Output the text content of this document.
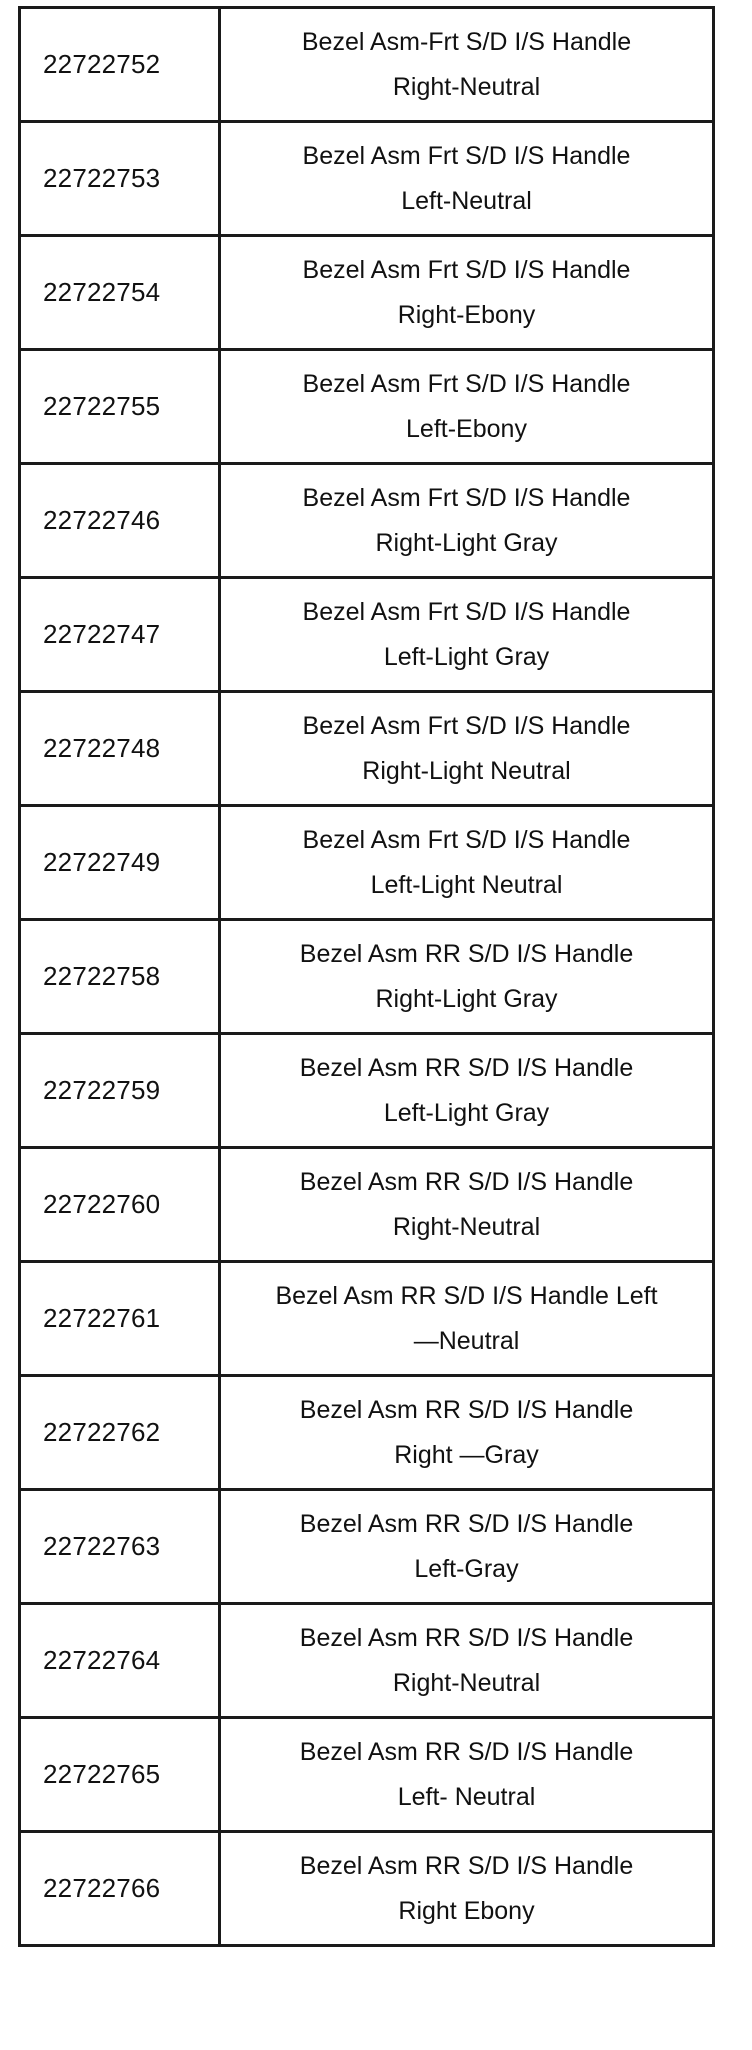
22722752	Bezel Asm-Frt S/D I/S Handle
Right-Neutral

22722753	Bezel Asm Frt S/D I/S Handle
Left-Neutral

22722754	Bezel Asm Frt S/D I/S Handle
Right-Ebony

22722755	Bezel Asm Frt S/D I/S Handle
Left-Ebony

22722746	Bezel Asm Frt S/D I/S Handle
Right-Light Gray

22722747	Bezel Asm Frt S/D I/S Handle
Left-Light Gray

22722748	Bezel Asm Frt S/D I/S Handle
Right-Light Neutral

22722749	Bezel Asm Frt S/D I/S Handle
Left-Light Neutral

22722758	Bezel Asm RR S/D I/S Handle
Right-Light Gray

22722759	Bezel Asm RR S/D I/S Handle
Left-Light Gray

22722760	Bezel Asm RR S/D I/S Handle
Right-Neutral

22722761	Bezel Asm RR S/D I/S Handle Left
—Neutral

22722762	Bezel Asm RR S/D I/S Handle
Right —Gray

22722763	Bezel Asm RR S/D I/S Handle
Left-Gray

22722764	Bezel Asm RR S/D I/S Handle
Right-Neutral

22722765	Bezel Asm RR S/D I/S Handle
Left- Neutral

22722766	Bezel Asm RR S/D I/S Handle
Right Ebony
